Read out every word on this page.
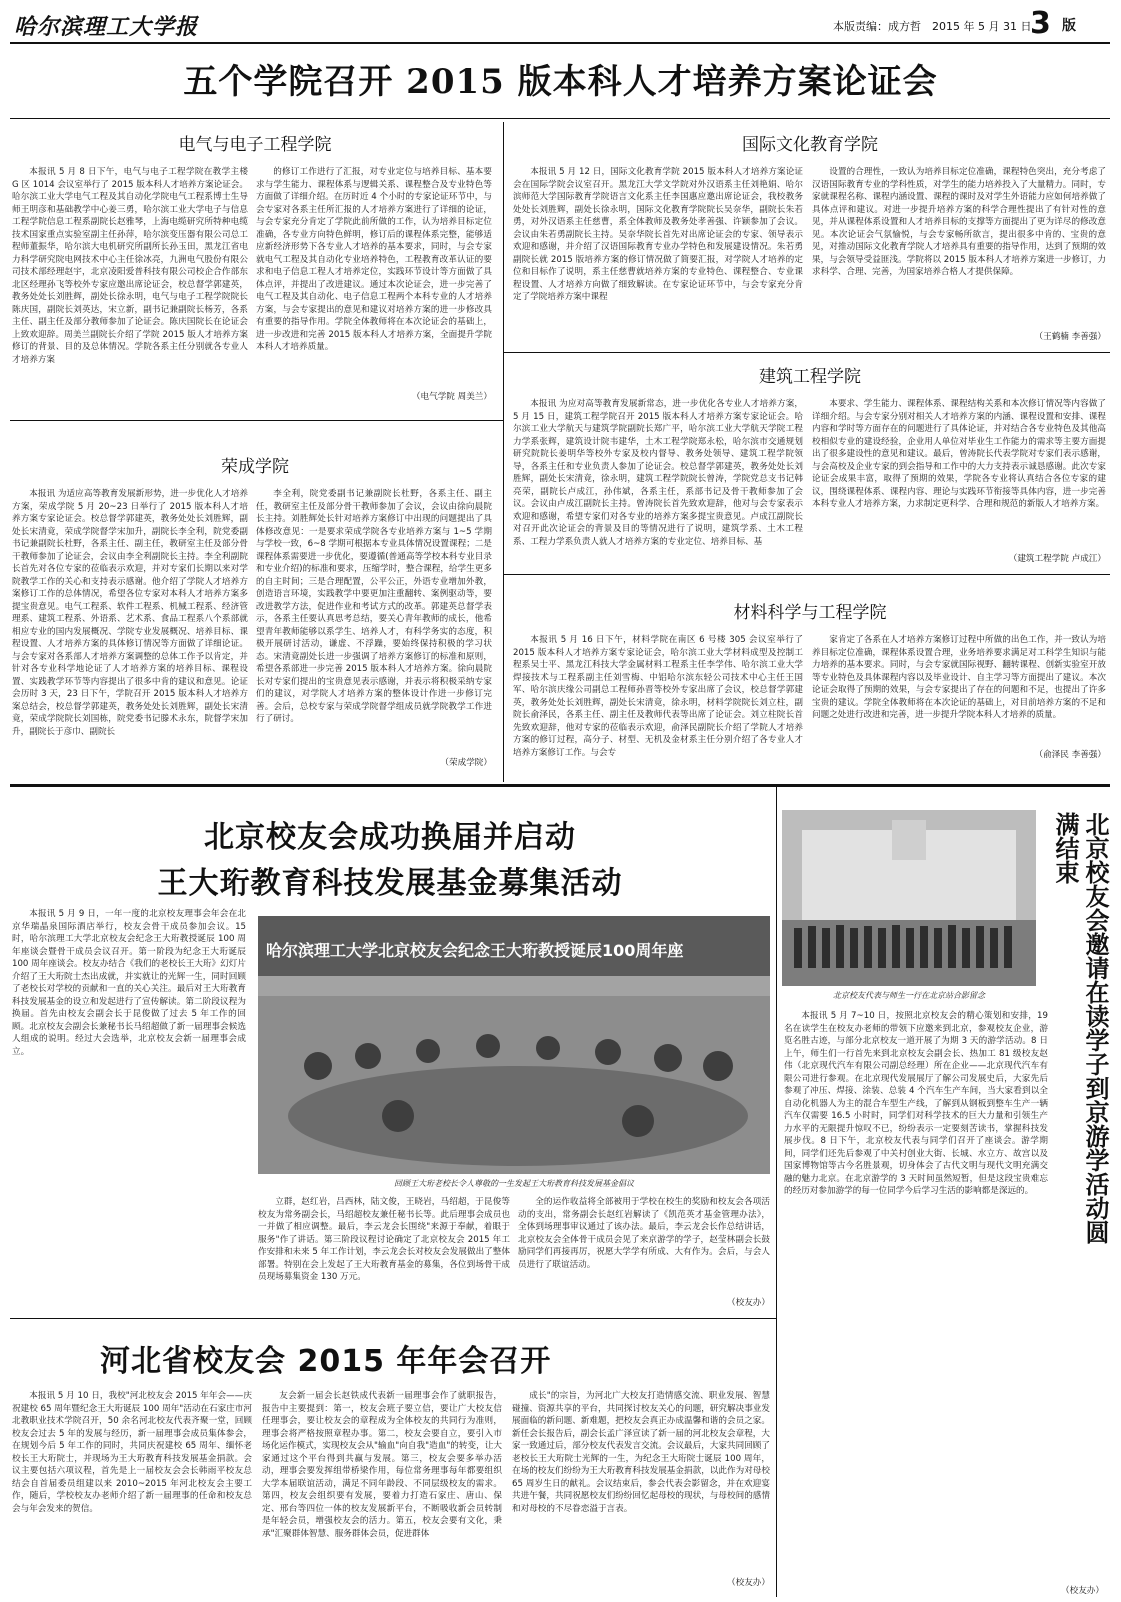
哈尔滨理工大学报	本版责编：成方哲 2015 年 5 月 31 日
3 版
五个学院召开 2015 版本科人才培养方案论证会
电气与电子工程学院

本报讯 5 月 8 日下午，电气与电子工程学院在教学主楼 G 区 1014 会议室举行了 2015 版本科人才培养方案论证会。哈尔滨工业大学电气工程及其自动化学院电气工程系博士生导师王明彦和基础教学中心姜三勇，哈尔滨工业大学电子与信息工程学院信息工程系副院长赵雅琴，上海电缆研究所特种电缆技术国家重点实验室副主任孙萍，哈尔滨变压器有限公司总工程师董振华，哈尔滨大电机研究所副所长孙玉田，黑龙江省电力科学研究院电网技术中心主任徐冰亮，九洲电气股份有限公司技术部经理赵宇，北京凌阳爱普科技有限公司校企合作部东北区经理孙飞等校外专家应邀出席论证会，校总督学郭建英，教务处处长刘胜辉，副处长徐永明，电气与电子工程学院院长陈庆国，副院长刘英达，宋立新，副书记兼副院长杨芳，各系主任、副主任及部分教师参加了论证会。陈庆国院长在论证会上致欢迎辞。周美兰副院长介绍了学院 2015 版人才培养方案修订的背景、目的及总体情况。学院各系主任分别就各专业人才培养方案

的修订工作进行了汇报，对专业定位与培养目标、基本要求与学生能力、课程体系与逻辑关系、课程整合及专业特色等方面做了详细介绍。在历时近 4 个小时的专家论证环节中，与会专家对各系主任所汇报的人才培养方案进行了详细的论证，与会专家充分肯定了学院此前所做的工作，认为培养目标定位准确，各专业方向特色鲜明，修订后的课程体系完整，能够适应新经济形势下各专业人才培养的基本要求，同时，与会专家就电气工程及其自动化专业培养特色，工程教育改革认证的要求和电子信息工程人才培养定位，实践环节设计等方面做了具体点评，并提出了改进建议。通过本次论证会，进一步完善了电气工程及其自动化、电子信息工程两个本科专业的人才培养方案，与会专家提出的意见和建议对培养方案的进一步修改具有重要的指导作用。学院全体教师将在本次论证会的基础上，进一步改进和完善 2015 版本科人才培养方案，全面提升学院本科人才培养质量。

（电气学院 周美兰）
国际文化教育学院

本报讯 5 月 12 日，国际文化教育学院 2015 版本科人才培养方案论证会在国际学院会议室召开。黑龙江大学文学院对外汉语系主任刘艳娟、哈尔滨师范大学国际教育学院语言文化系主任李国惠应邀出席论证会，我校教务处处长刘胜辉，副处长徐永明，国际文化教育学院院长吴奈华，副院长朱若勇，对外汉语系主任慈曹，系全体教师及教务处孝善强、许颖参加了会议。会议由朱若勇副院长主持。吴奈华院长首先对出席论证会的专家、领导表示欢迎和感谢，并介绍了汉语国际教育专业办学特色和发展建设情况。朱若勇副院长就 2015 版培养方案的修订情况做了简要汇报，对学院人才培养的定位和目标作了说明，系主任慈曹就培养方案的专业特色、课程整合、专业课程设置、人才培养方向做了细致解读。在专家论证环节中，与会专家充分肯定了学院培养方案中课程

设置的合理性，一致认为培养目标定位准确，课程特色突出，充分考虑了汉语国际教育专业的学科性质，对学生的能力培养投入了大量精力。同时，专家就课程名称、课程内涵设置、课程的课时及对学生外语能力应如何培养做了具体点评和建议。对进一步提升培养方案的科学合理性提出了有针对性的意见，并从课程体系设置和人才培养目标的支撑等方面提出了更为详尽的修改意见。本次论证会气氛愉悦，与会专家畅所欲言，提出很多中肯的、宝贵的意见，对推动国际文化教育学院人才培养具有重要的指导作用，达到了预期的效果，与会领导受益匪浅。学院将以 2015 版本科人才培养方案进一步修订，力求科学、合理、完善，为国家培养合格人才提供保障。

（王鹤楠 李善强）
荣成学院

本报讯 为适应高等教育发展新形势，进一步优化人才培养方案，荣成学院 5 月 20~23 日举行了 2015 版本科人才培养方案专家论证会。校总督学郭建英，教务处处长刘胜辉，副处长宋清竟，荣成学院督学宋加升，副院长李全利，院党委副书记兼副院长杜野，各系主任、副主任，教研室主任及部分骨干教师参加了论证会，会议由李全利副院长主持。李全利副院长首先对各位专家的莅临表示欢迎，并对专家们长期以来对学院教学工作的关心和支持表示感谢。他介绍了学院人才培养方案修订工作的总体情况，希望各位专家对本科人才培养方案多提宝贵意见。电气工程系、软件工程系、机械工程系、经济管理系、建筑工程系、外语系、艺术系、食品工程系八个系部就相应专业的国内发展概况、学院专业发展概况、培养目标、课程设置、人才培养方案的具体修订情况等方面做了详细论证。与会专家对各系部人才培养方案调整的总体工作予以肯定，并针对各专业科学地论证了人才培养方案的培养目标、课程设置、实践教学环节等内容提出了很多中肯的建议和意见。论证会历时 3 天，23 日下午，学院召开 2015 版本科人才培养方案总结会，校总督学郭建英，教务处处长刘胜辉，副处长宋清竟，荣成学院院长刘国栋，院党委书记滕术永东，院督学宋加升，副院长于彦巾、副院长

李全利，院党委副书记兼副院长杜野，各系主任、副主任，教研室主任及部分骨干教师参加了会议，会议由徐向晨院长主持。刘胜辉处长针对培养方案修订中出现的问题提出了具体修改意见：一是要求荣成学院各专业培养方案与 1~5 学期与学校一致，6~8 学期可根据本专业具体情况设置课程；二是课程体系需要进一步优化，要遵循(普通高等学校本科专业目录和专业介绍)的标准和要求，压缩学时，整合课程，给学生更多的自主时间；三是合理配置，公平公正，外语专业增加外教，创造语言环境，实践教学中要更加注重翻转、案例驱动等，要改进教学方法，促进作业和考试方式的改革。郭建英总督学表示，各系主任要认真思考总结，要关心青年教师的成长，他希望青年教师能够以系学生、培养人才，有科学务实的态度，积极开展研讨活动，谦虚、不浮躁，要始终保持积极的学习状态。宋清竟副处长进一步强调了培养方案修订的标准和原则，希望各系部进一步完善 2015 版本科人才培养方案。徐向晨院长对专家们提出的宝贵意见表示感谢，并表示将积极采纳专家们的建议，对学院人才培养方案的整体设计作进一步修订完善。会后，总校专家与荣成学院督学组成员就学院教学工作进行了研讨。

（荣成学院）
建筑工程学院

本报讯 为应对高等教育发展新常态，进一步优化各专业人才培养方案，5 月 15 日，建筑工程学院召开 2015 版本科人才培养方案专家论证会。哈尔滨工业大学航天与建筑学院副院长郑广平，哈尔滨工业大学航天学院工程力学系张辉，建筑设计院韦建华，土木工程学院郑永松，哈尔滨市交通规划研究院院长姜明华等校外专家及校内督导、教务处领导、建筑工程学院领导，各系主任和专业负责人参加了论证会。校总督学郭建英，教务处处长刘胜辉，副处长宋清竟，徐永明，建筑工程学院院长曾涛，学院党总支书记韩亮荣，副院长卢成江，孙伟斌，各系主任，系部书记及骨干教师参加了会议。会议由卢成江副院长主持。曾涛院长首先致欢迎辞，他对与会专家表示欢迎和感谢，希望专家们对各专业的培养方案多提宝贵意见。卢成江副院长对召开此次论证会的背景及目的等情况进行了说明，建筑学系、土木工程系、工程力学系负责人就人才培养方案的专业定位、培养目标、基

本要求、学生能力、课程体系、课程结构关系和本次修订情况等内容做了详细介绍。与会专家分别对相关人才培养方案的内涵、课程设置和安排、课程内容和学时等方面存在的问题进行了具体论证，并对结合各专业特色及其他高校相似专业的建设经验，企业用人单位对毕业生工作能力的需求等主要方面提出了很多建设性的意见和建议。最后，曾涛院长代表学院对专家们表示感谢，与会高校及企业专家的到会指导和工作中的大力支持表示诚恳感谢。此次专家论证会成果丰富，取得了预期的效果，学院各专业将认真结合各位专家的建议，围绕课程体系、课程内容、理论与实践环节衔接等具体内容，进一步完善本科专业人才培养方案，力求制定更科学、合理和规范的新版人才培养方案。

（建筑工程学院 卢成江）
材料科学与工程学院

本报讯 5 月 16 日下午，材料学院在南区 6 号楼 305 会议室举行了 2015 版本科人才培养方案专家论证会，哈尔滨工业大学材料成型及控制工程系吴士平、黑龙江科技大学金属材料工程系主任李学伟、哈尔滨工业大学焊接技术与工程系副主任刘雪梅、中铝哈尔滨东轻公司技术中心主任王国军、哈尔滨庆缘公司副总工程师孙晋等校外专家出席了会议，校总督学郭建英，教务处处长刘胜辉，副处长宋清竟，徐永明，材料学院院长刘立柱，副院长俞泽民，各系主任、副主任及教师代表等出席了论证会。刘立柱院长首先致欢迎辞，他对专家的莅临表示欢迎，俞泽民副院长介绍了学院人才培养方案的修订过程，高分子、材型、无机及金材系主任分别介绍了各专业人才培养方案修订工作。与会专

家肯定了各系在人才培养方案修订过程中所做的出色工作，并一致认为培养目标定位准确，课程体系设置合理，业务培养要求满足对工科学生知识与能力培养的基本要求。同时，与会专家就国际视野、翻转课程、创新实验室开放等专业特色及具体课程内容以及毕业设计、自主学习等方面提出了建议。本次论证会取得了预期的效果，与会专家提出了存在的问题和不足，也提出了许多宝贵的建议。学院全体教师将在本次论证的基础上，对目前培养方案的不足和问题之处进行改进和完善，进一步提升学院本科人才培养的质量。

（俞泽民 李善强）
北京校友会成功换届并启动
王大珩教育科技发展基金募集活动

本报讯 5 月 9 日，一年一度的北京校友理事会年会在北京华瑞晶泉国际酒店举行，校友会骨干成员参加会议。15 时，哈尔滨理工大学北京校友会纪念王大珩教授诞辰 100 周年座谈会暨骨干成员会议召开。第一阶段为纪念王大珩诞辰 100 周年座谈会。校友办结合《我们的老校长王大珩》幻灯片介绍了王大珩院士杰出成就，并实就让的光辉一生，同时回顾了老校长对学校的贡献和一直的关心关注。最后对王大珩教育科技发展基金的设立和发起进行了宣传解读。第二阶段议程为换届。首先由校友会副会长于昆俊做了过去 5 年工作的回顾。北京校友会副会长兼秘书长马绍超做了新一届理事会候选人组成的说明。经过大会选举，北京校友会新一届理事会成立。

哈尔滨理工大学北京校友会纪念王大珩教授诞辰100周年座
回顾王大珩老校长令人尊敬的一生发起王大珩教育科技发展基金倡议

立群，赵红岩，吕西林，陆文俊，王晓岩，马绍超，于昆俊等校友为常务副会长，马绍超校友兼任秘书长等。此后理事会成员也一并做了相应调整。最后，李云龙会长围绕"来源于奉献，着眼于服务"作了讲话。第三阶段议程讨论确定了北京校友会 2015 年工作安排和未来 5 年工作计划，李云龙会长对校友会发展做出了整体部署。特别在会上发起了王大珩教育基金的募集，各位到场骨干成员现场募集资金 130 万元。

全的运作收益将全部被用于学校在校生的奖励和校友会各项活动的支出，常务副会长赵红岩解读了《凯范英才基金管理办法》，全体到场理事审议通过了该办法。最后，李云龙会长作总结讲话，北京校友会全体骨干成员会见了来京游学的学子，赵莹林副会长鼓励同学们再接再厉，祝愿大学学有所成、大有作为。会后，与会人员进行了联谊活动。

（校友办）
北京校友代表与师生一行在北京站合影留念	北京校友会邀请在读学子到京游学活动圆满结束

本报讯 5 月 7~10 日，按照北京校友会的精心策划和安排，19 名在读学生在校友办老师的带领下应邀来到北京，参观校友企业，游览名胜古迹，与部分北京校友一道开展了为期 3 天的游学活动。8 日上午，师生们一行首先来到北京校友会副会长、热加工 81 级校友赵伟（北京现代汽车有限公司副总经理）所在企业——北京现代汽车有限公司进行参观。在北京现代发展展厅了解公司发展史后，大家先后参观了冲压、焊接、涂装、总装 4 个汽车生产车间，当大家看到以全自动化机器人为主的混合车型生产线，了解到从钢板到整车生产一辆汽车仅需要 16.5 小时时，同学们对科学技术的巨大力量和引领生产力水平的无限提升惊叹不已，纷纷表示一定要刻苦读书，掌握科技发展步伐。8 日下午，北京校友代表与同学们召开了座谈会。游学期间，同学们还先后参观了中关村创业大街、长城、水立方、故宫以及国家博物馆等古今名胜景观，切身体会了古代文明与现代文明充满交融的魅力北京。在北京游学的 3 天时间虽然短暂，但是这段宝贵难忘的经历对参加游学的每一位同学今后学习生活的影响都是深远的。

（校友办）
河北省校友会 2015 年年会召开

本报讯 5 月 10 日，我校"河北校友会 2015 年年会——庆祝建校 65 周年暨纪念王大珩诞辰 100 周年"活动在石家庄市河北教职业技术学院召开，50 余名河北校友代表齐聚一堂，回顾校友会过去 5 年的发展与经历，新一届理事会成员集体参会，在规划今后 5 年工作的同时，共同庆祝建校 65 周年、缅怀老校长王大珩院士，并现场为王大珩教育科技发展基金捐款。会议主要包括六项议程，首先是上一届校友会会长韩雨平校友总结会自首届委员组建以来 2010~2015 年河北校友会主要工作，随后，学校校友办老师介绍了新一届理事的任命和校友总会与年会发来的贺信。

友会新一届会长赵铁成代表新一届理事会作了就职报告，报告中主要提到：第一，校友会班子要立信，要让广大校友信任理事会，要让校友会的章程成为全体校友的共同行为准则，理事会将严格按照章程办事。第二，校友会要自立，要引入市场化运作模式，实现校友会从"输血"向自我"造血"的转变，让大家通过这个平台得到共赢与发展。第三，校友会要多举办活动，理事会要发挥组带桥梁作用，每位常务理事每年都要组织大学本届联谊活动，满足不同年龄段、不同层级校友的需求。第四，校友会组织要有发展，要着力打造石家庄、唐山、保定、邢台等四位一体的校友发展新平台，不断吸收新会员转制是年轻会员，增强校友会的活力。第五，校友会要有文化，秉承"汇聚群体智慧、服务群体会员，促进群体

成长"的宗旨，为河北广大校友打造情感交流、职业发展、智慧碰撞、资源共享的平台，共同探讨校友关心的问题，研究解决事业发展面临的新问题、新难题，把校友会真正办成温馨和谐的会员之家。新任会长报告后，副会长孟广泽宣读了新一届的河北校友会章程，大家一致通过后，部分校友代表发言交流。会议最后，大家共同回顾了老校长王大珩院士光辉的一生，为纪念王大珩院士诞辰 100 周年，在场的校友们纷纷为王大珩教育科技发展基金捐款，以此作为对母校 65 周岁生日的献礼。会议结束后，参会代表会影留念，并在欢迎宴共进午餐，共同祝愿校友们纷纷回忆起母校的现状，与母校间的感情和对母校的不尽眷恋溢于言表。

（校友办）
